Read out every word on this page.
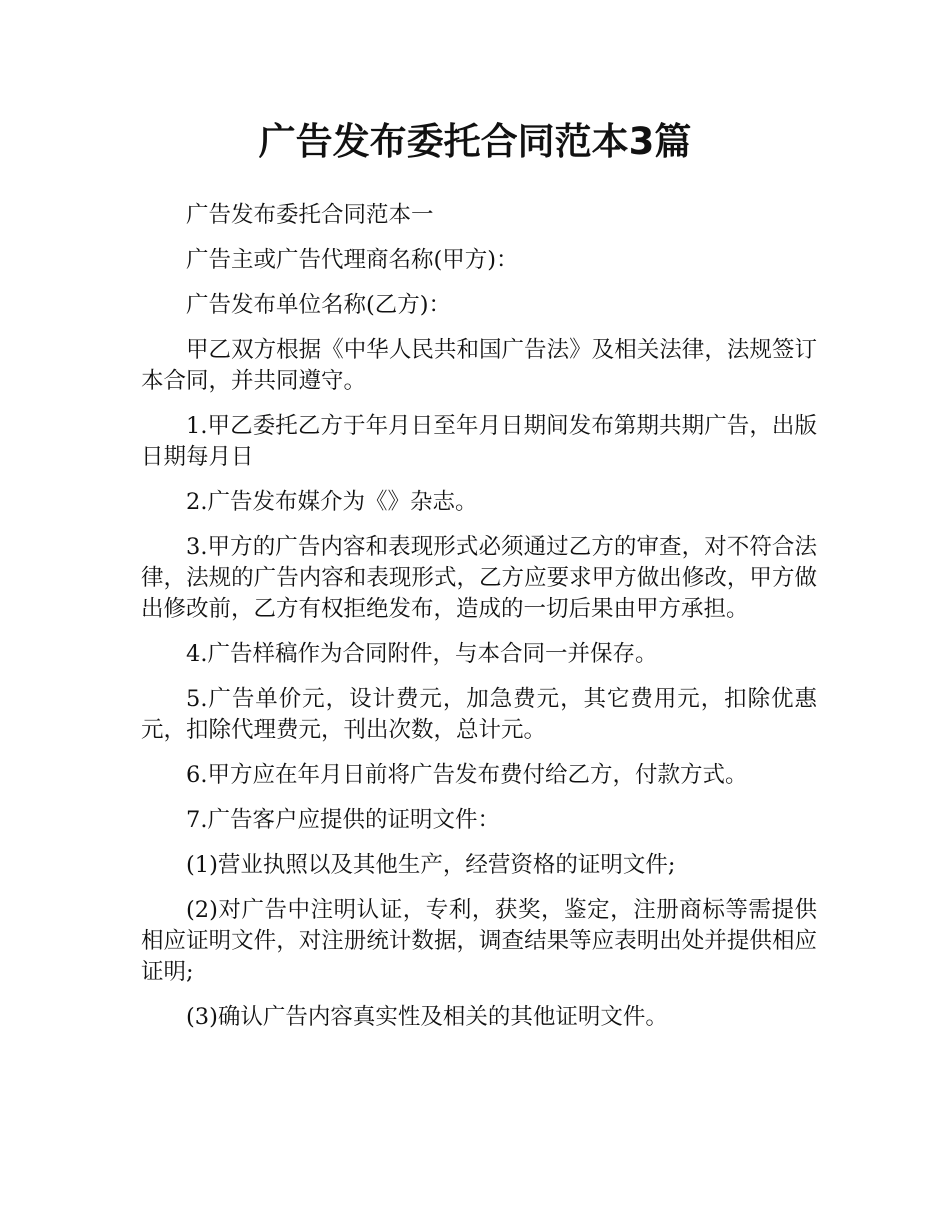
广告发布委托合同范本3篇

广告发布委托合同范本一

广告主或广告代理商名称(甲方)：

广告发布单位名称(乙方)：

甲乙双方根据《中华人民共和国广告法》及相关法律，法规签订本合同，并共同遵守。

1.甲乙委托乙方于年月日至年月日期间发布第期共期广告，出版日期每月日

2.广告发布媒介为《》杂志。

3.甲方的广告内容和表现形式必须通过乙方的审查，对不符合法律，法规的广告内容和表现形式，乙方应要求甲方做出修改，甲方做出修改前，乙方有权拒绝发布，造成的一切后果由甲方承担。

4.广告样稿作为合同附件，与本合同一并保存。

5.广告单价元，设计费元，加急费元，其它费用元，扣除优惠元，扣除代理费元，刊出次数，总计元。

6.甲方应在年月日前将广告发布费付给乙方，付款方式。

7.广告客户应提供的证明文件：

(1)营业执照以及其他生产，经营资格的证明文件;

(2)对广告中注明认证，专利，获奖，鉴定，注册商标等需提供相应证明文件，对注册统计数据，调查结果等应表明出处并提供相应证明;

(3)确认广告内容真实性及相关的其他证明文件。
